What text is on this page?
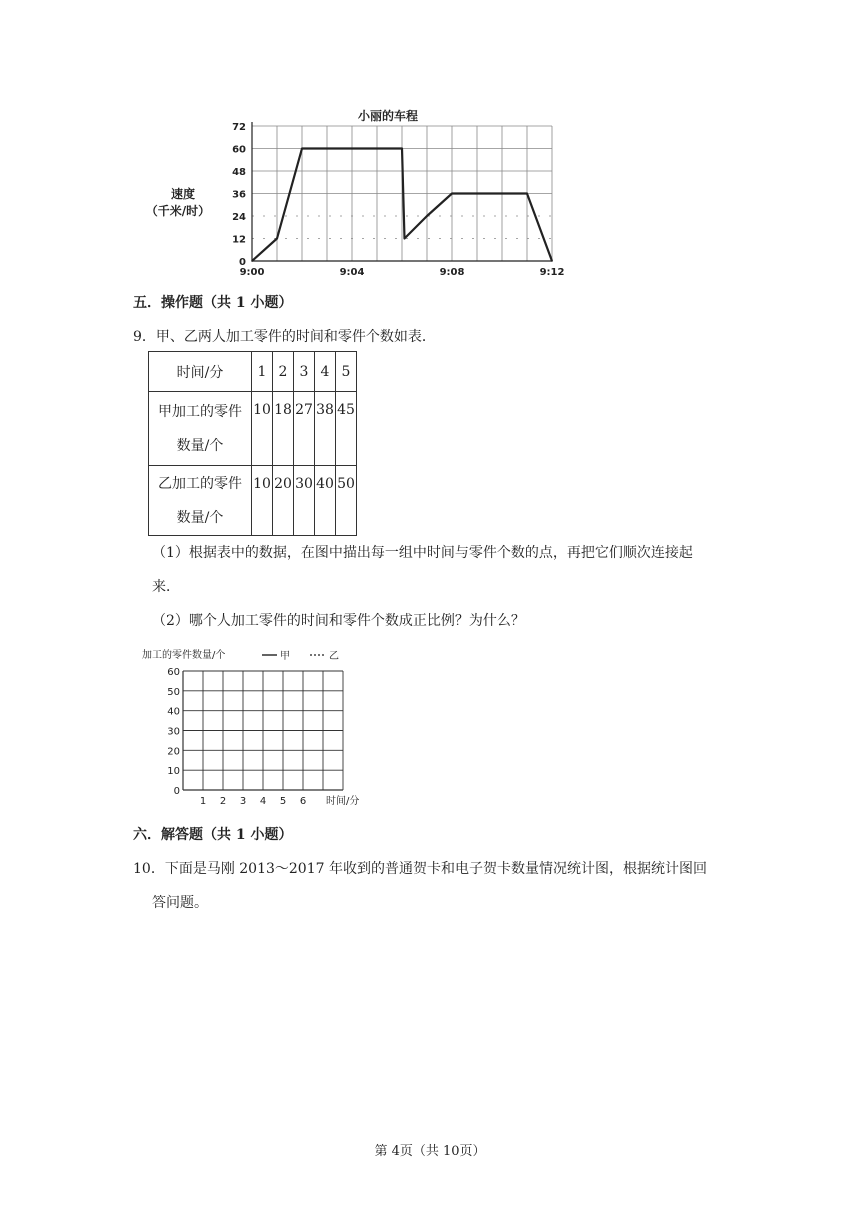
0
12
24
36
48
60
72
9:00	9:04	9:08	9:12
小丽的车程
速度
（千米/时）
五．操作题（共 1 小题）
9．甲、乙两人加工零件的时间和零件个数如表．
时间/分	1	2	3	4	5

甲加工的零件
数量/个	10	18	27	38	45

乙加工的零件
数量/个	10	20	30	40	50
（1）根据表中的数据，在图中描出每一组中时间与零件个数的点，再把它们顺次连接起
来．
（2）哪个人加工零件的时间和零件个数成正比例？为什么？
0
10
20
30
40
50
60
1 2 3 4 5 6 时间/分
加工的零件数量/个	甲	乙
六．解答题（共 1 小题）
10．下面是马刚 2013～2017 年收到的普通贺卡和电子贺卡数量情况统计图，根据统计图回
答问题。
第 4页（共 10页）
